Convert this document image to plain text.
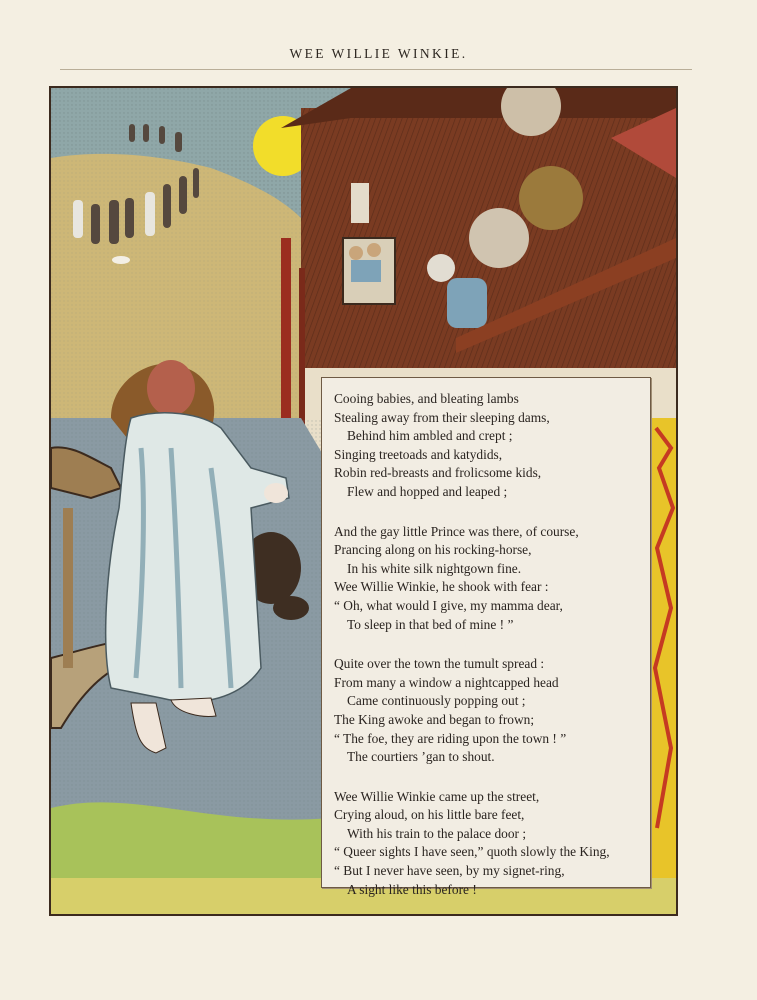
WEE WILLIE WINKIE.
Cooing babies, and bleating lambs
Stealing away from their sleeping dams,
Behind him ambled and crept ;
Singing treetoads and katydids,
Robin red-breasts and frolicsome kids,
Flew and hopped and leaped ;
And the gay little Prince was there, of course,
Prancing along on his rocking-horse,
In his white silk nightgown fine.
Wee Willie Winkie, he shook with fear :
“ Oh, what would I give, my mamma dear,
To sleep in that bed of mine ! ”
Quite over the town the tumult spread :
From many a window a nightcapped head
Came continuously popping out ;
The King awoke and began to frown;
“ The foe, they are riding upon the town ! ”
The courtiers ’gan to shout.
Wee Willie Winkie came up the street,
Crying aloud, on his little bare feet,
With his train to the palace door ;
“ Queer sights I have seen,” quoth slowly the King,
“ But I never have seen, by my signet-ring,
A sight like this before !
